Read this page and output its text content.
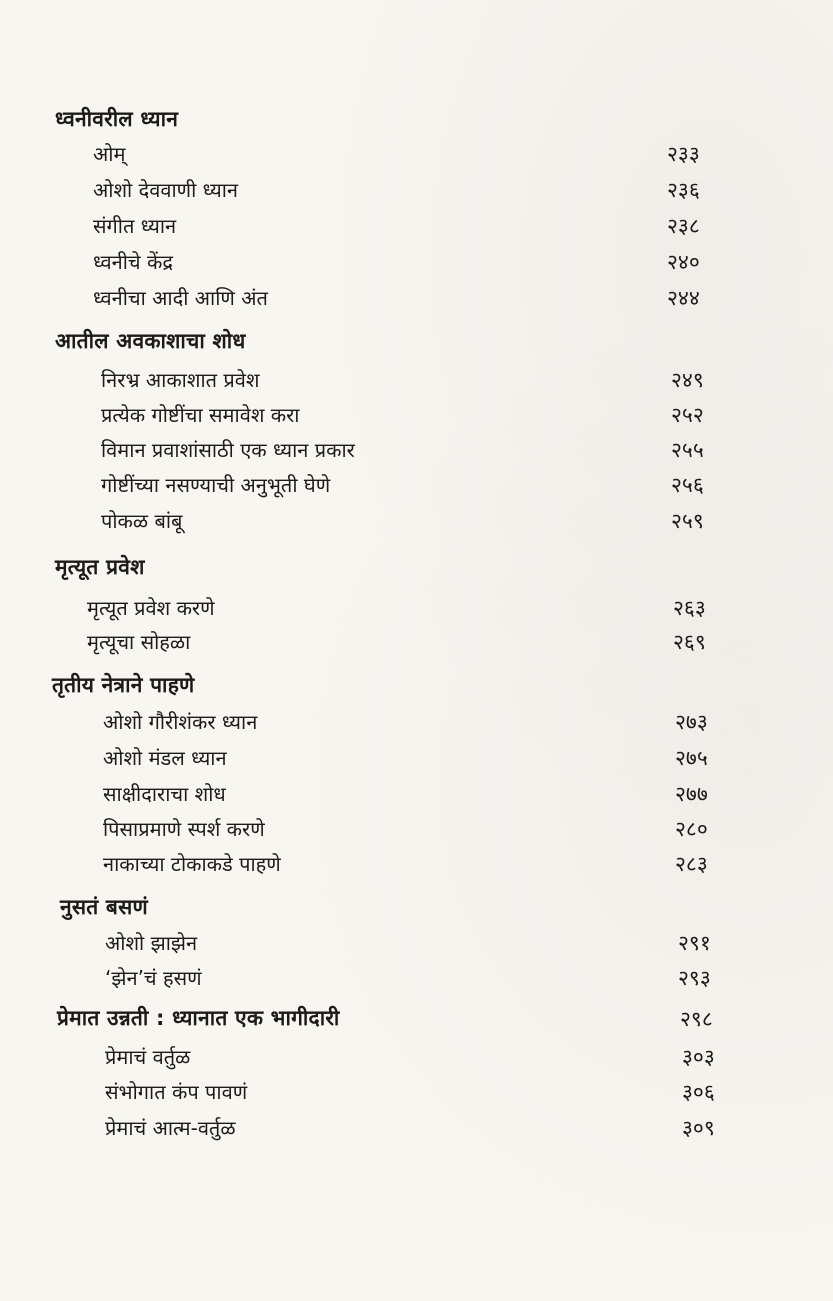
ध्वनीवरील ध्यान
ओम्	२३३
ओशो देववाणी ध्यान	२३६
संगीत ध्यान	२३८
ध्वनीचे केंद्र	२४०
ध्वनीचा आदी आणि अंत	२४४
आतील अवकाशाचा शोध
निरभ्र आकाशात प्रवेश	२४९
प्रत्येक गोष्टींचा समावेश करा	२५२
विमान प्रवाशांसाठी एक ध्यान प्रकार	२५५
गोष्टींच्या नसण्याची अनुभूती घेणे	२५६
पोकळ बांबू	२५९
मृत्यूत प्रवेश
मृत्यूत प्रवेश करणे	२६३
मृत्यूचा सोहळा	२६९
तृतीय नेत्राने पाहणे
ओशो गौरीशंकर ध्यान	२७३
ओशो मंडल ध्यान	२७५
साक्षीदाराचा शोध	२७७
पिसाप्रमाणे स्पर्श करणे	२८०
नाकाच्या टोकाकडे पाहणे	२८३
नुसतं बसणं
ओशो झाझेन	२९१
‘झेन’चं हसणं	२९३
प्रेमात उन्नती : ध्यानात एक भागीदारी	२९८
प्रेमाचं वर्तुळ	३०३
संभोगात कंप पावणं	३०६
प्रेमाचं आत्म-वर्तुळ	३०९
